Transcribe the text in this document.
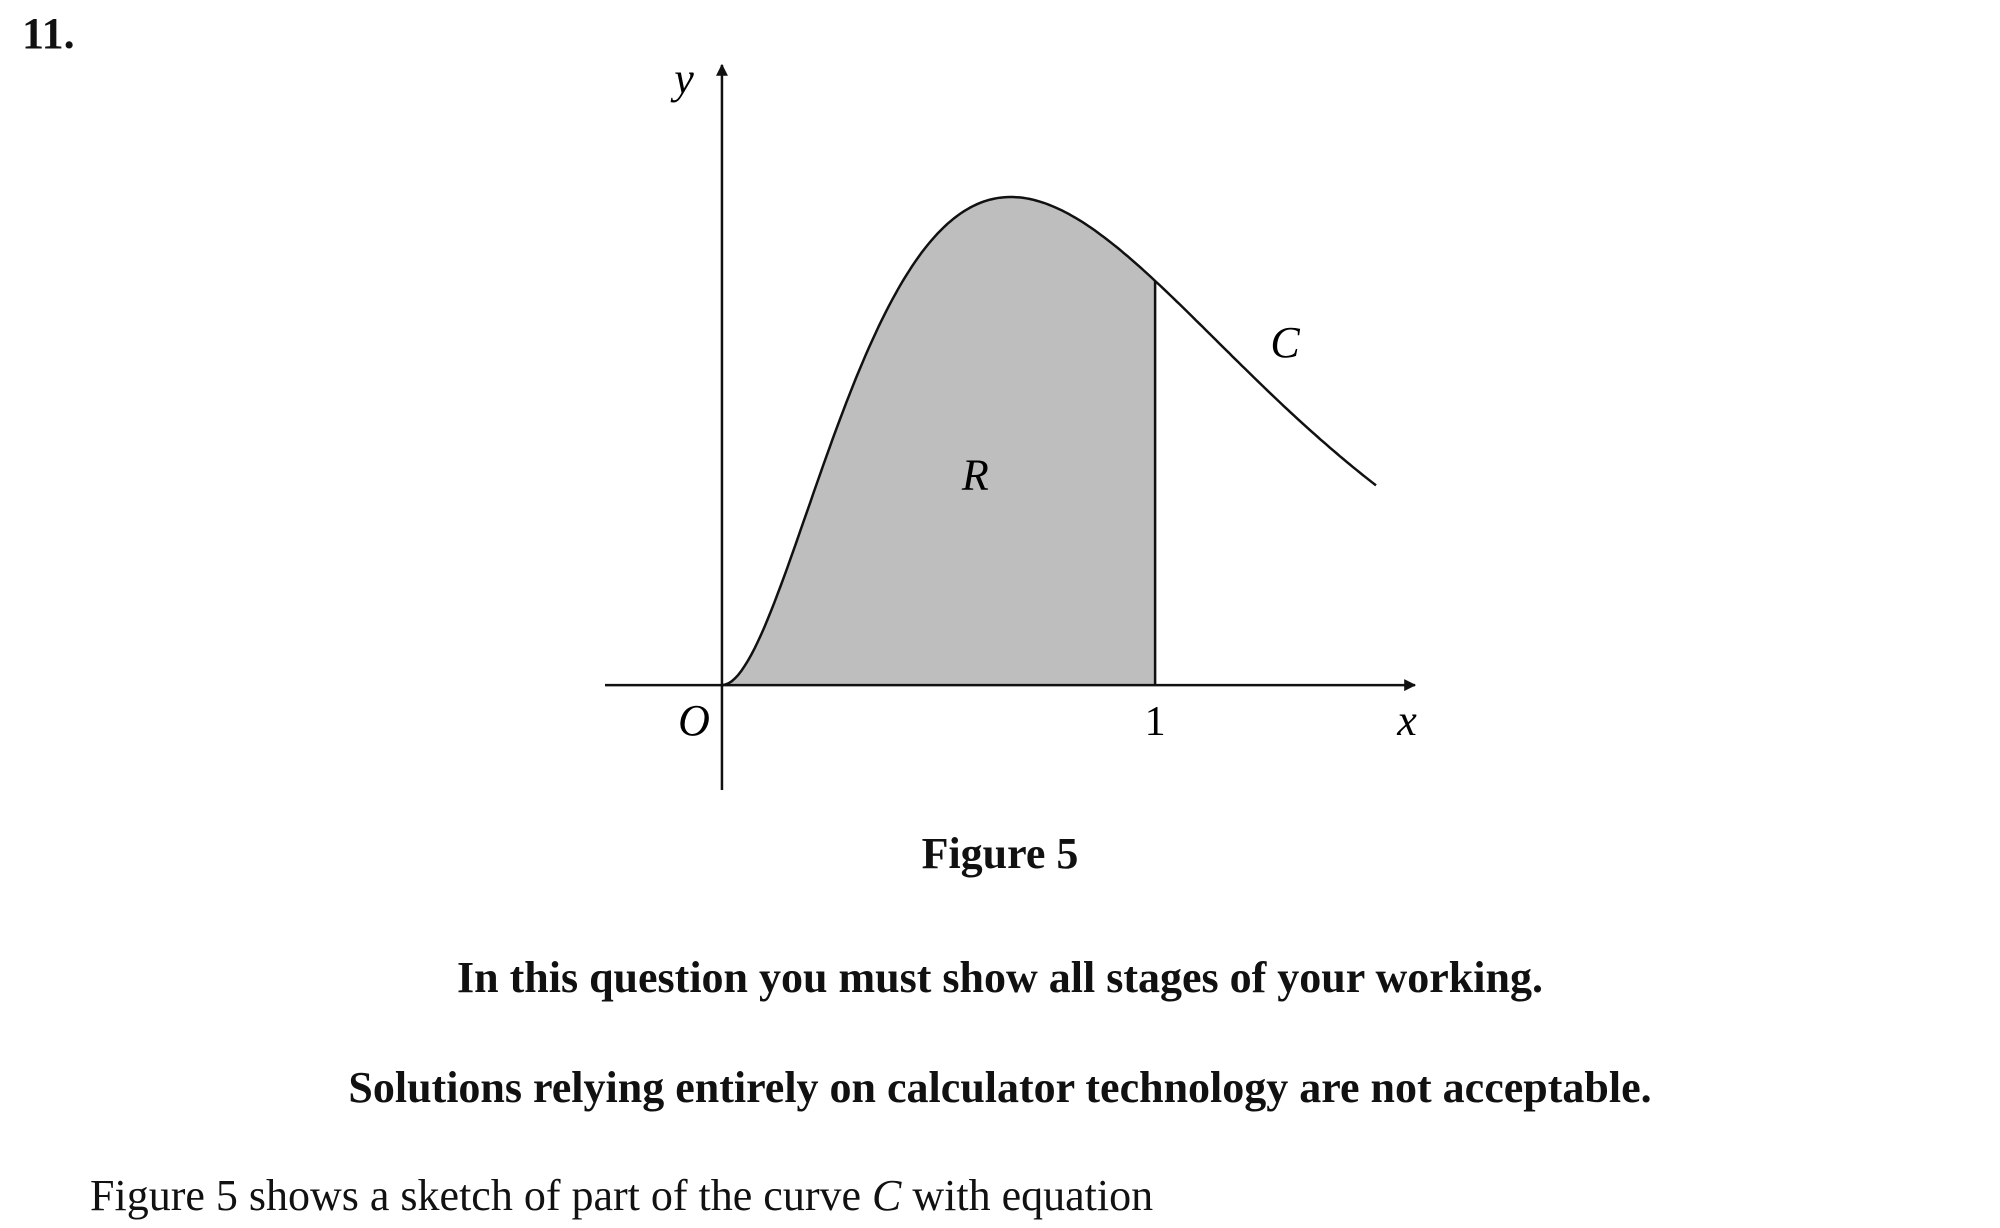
11.
y
x
O	1
C
R
Figure 5
In this question you must show all stages of your working.
Solutions relying entirely on calculator technology are not acceptable.
Figure 5 shows a sketch of part of the curve C with equation
